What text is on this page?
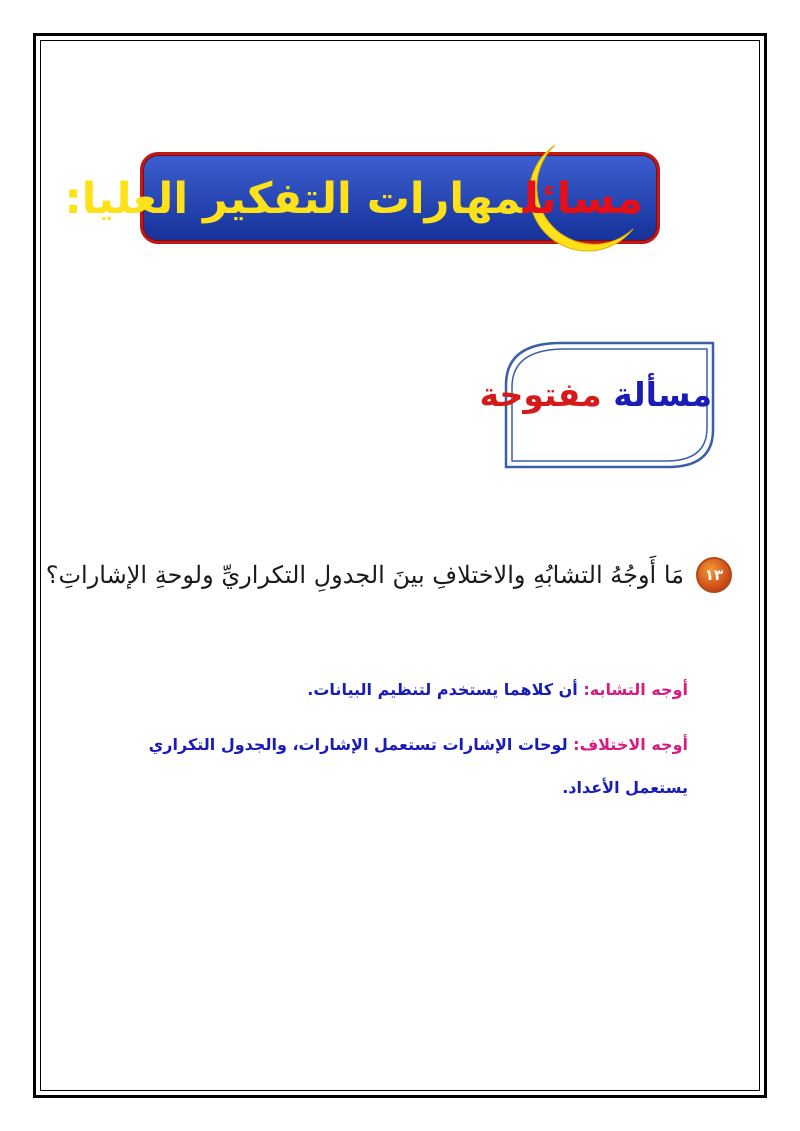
مسائلمهارات التفكير العليا:
مسألة مفتوحة
١٣
مَا أَوجُهُ التشابُهِ والاختلافِ بينَ الجدولِ التكراريِّ ولوحةِ الإشاراتِ؟
أوجه التشابه: أن كلاهما يستخدم لتنظيم البيانات.
أوجه الاختلاف: لوحات الإشارات تستعمل الإشارات، والجدول التكراري
يستعمل الأعداد.
